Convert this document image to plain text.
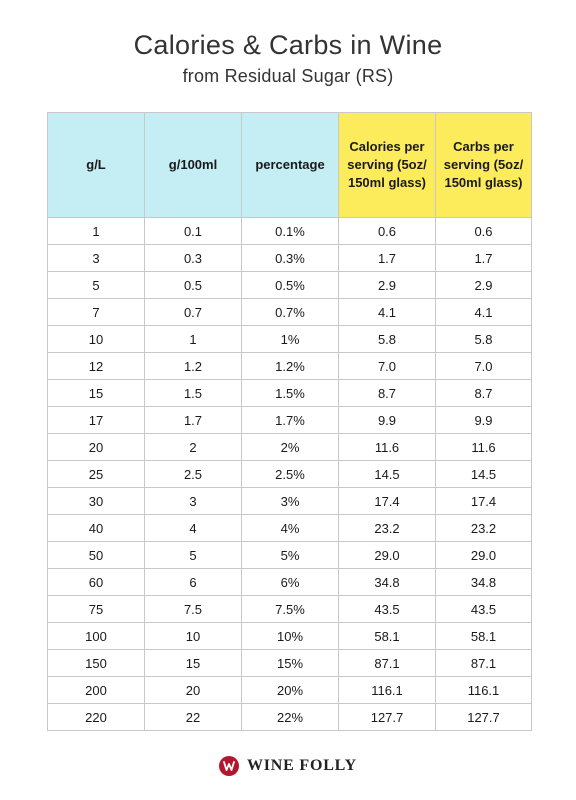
Calories & Carbs in Wine
from Residual Sugar (RS)
g/L	g/100ml	percentage	Calories per serving (5oz/ 150ml glass)	Carbs per serving (5oz/ 150ml glass)
1	0.1	0.1%	0.6	0.6
3	0.3	0.3%	1.7	1.7
5	0.5	0.5%	2.9	2.9
7	0.7	0.7%	4.1	4.1
10	1	1%	5.8	5.8
12	1.2	1.2%	7.0	7.0
15	1.5	1.5%	8.7	8.7
17	1.7	1.7%	9.9	9.9
20	2	2%	11.6	11.6
25	2.5	2.5%	14.5	14.5
30	3	3%	17.4	17.4
40	4	4%	23.2	23.2
50	5	5%	29.0	29.0
60	6	6%	34.8	34.8
75	7.5	7.5%	43.5	43.5
100	10	10%	58.1	58.1
150	15	15%	87.1	87.1
200	20	20%	116.1	116.1
220	22	22%	127.7	127.7
WINE FOLLY
